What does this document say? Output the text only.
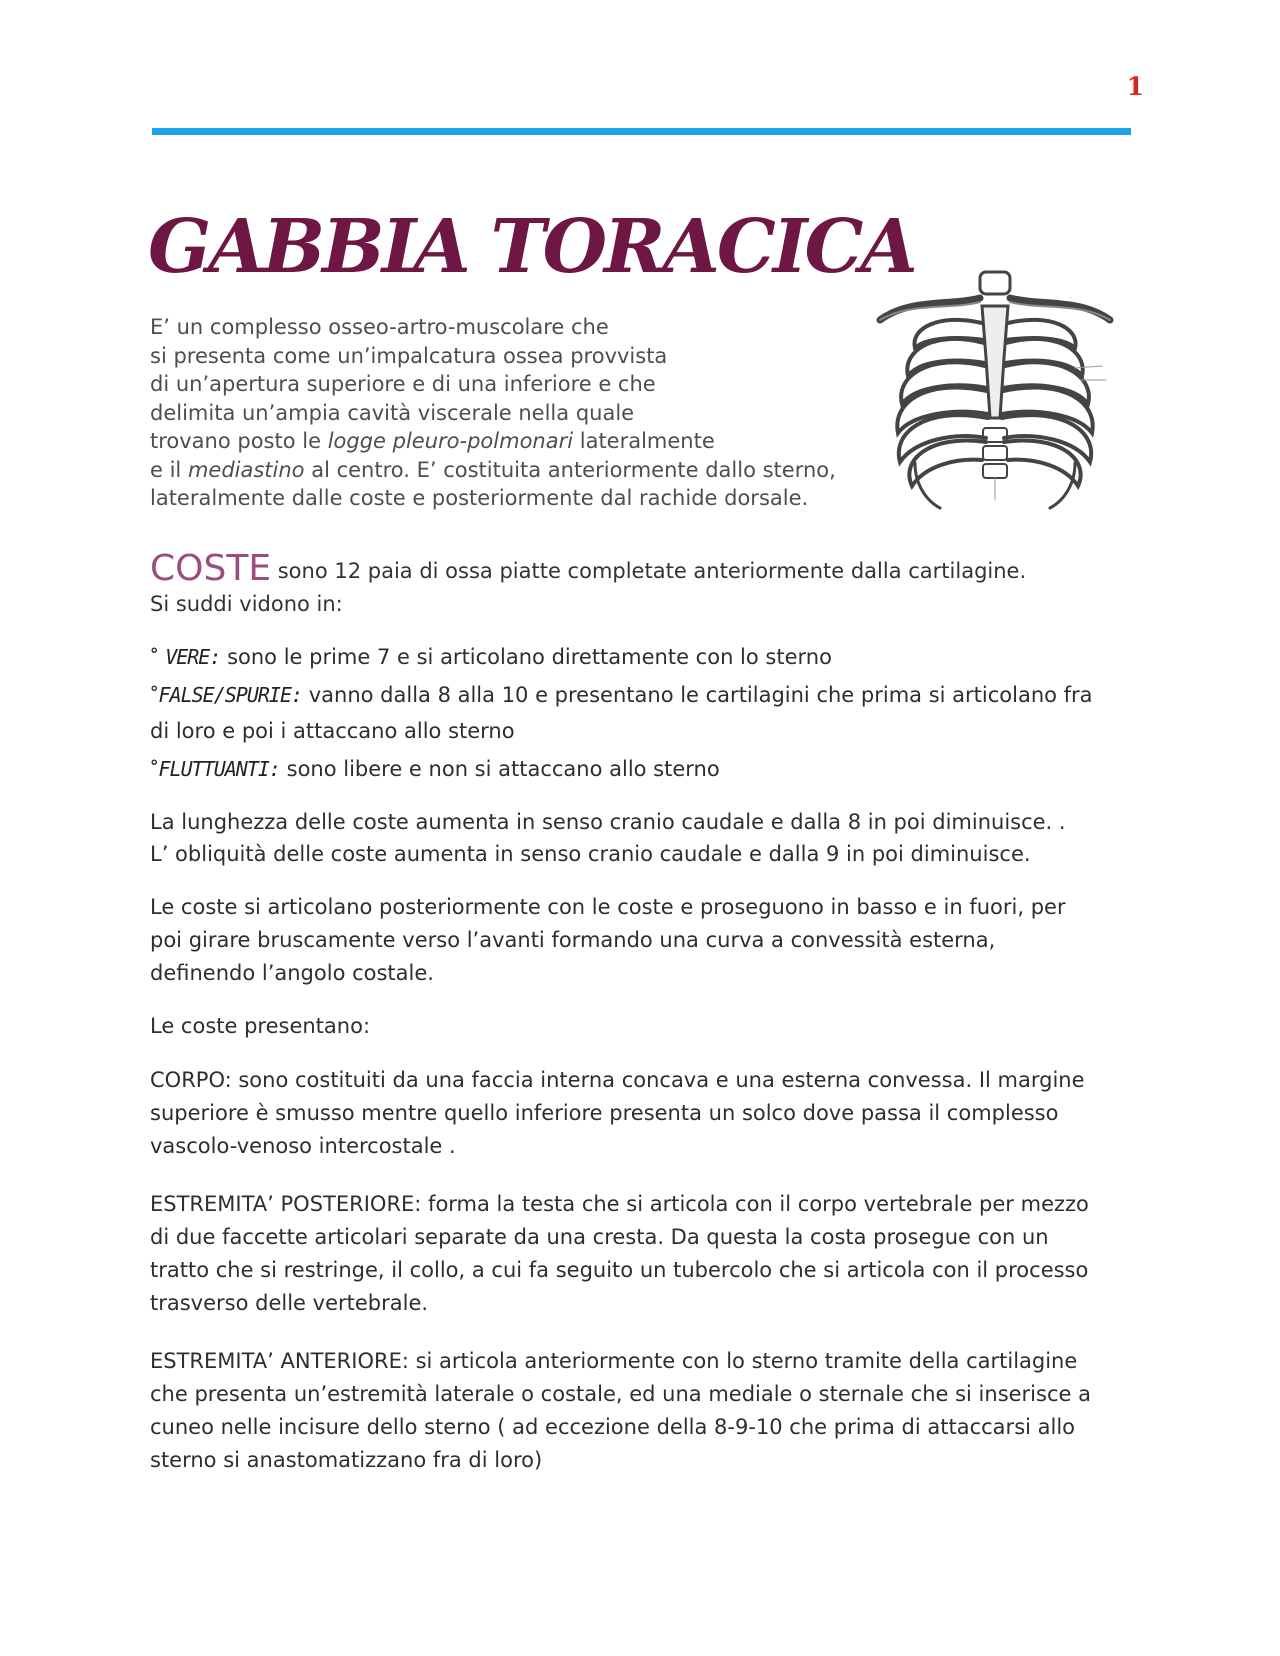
1
GABBIA TORACICA

E’ un complesso osseo-artro-muscolare che

si presenta come un’impalcatura ossea provvista

di un’apertura superiore e di una inferiore e che

delimita un’ampia cavità viscerale nella quale

trovano posto le logge pleuro-polmonari lateralmente

e il mediastino al centro. E’ costituita anteriormente dallo sterno,

lateralmente dalle coste e posteriormente dal rachide dorsale.

COSTE sono 12 paia di ossa piatte completate anteriormente dalla cartilagine.
Si suddi vidono in:

° VERE: sono le prime 7 e si articolano direttamente con lo sterno

°FALSE/SPURIE: vanno dalla 8 alla 10 e presentano le cartilagini che prima si articolano fra

di loro e poi i attaccano allo sterno

°FLUTTUANTI: sono libere e non si attaccano allo sterno

La lunghezza delle coste aumenta in senso cranio caudale e dalla 8 in poi diminuisce. .

L’ obliquità delle coste aumenta in senso cranio caudale e dalla 9 in poi diminuisce.

Le coste si articolano posteriormente con le coste e proseguono in basso e in fuori, per

poi girare bruscamente verso l’avanti formando una curva a convessità esterna,

definendo l’angolo costale.

Le coste presentano:

CORPO: sono costituiti da una faccia interna concava e una esterna convessa. Il margine

superiore è smusso mentre quello inferiore presenta un solco dove passa il complesso

vascolo-venoso intercostale .

ESTREMITA’ POSTERIORE: forma la testa che si articola con il corpo vertebrale per mezzo

di due faccette articolari separate da una cresta. Da questa la costa prosegue con un

tratto che si restringe, il collo, a cui fa seguito un tubercolo che si articola con il processo

trasverso delle vertebrale.

ESTREMITA’ ANTERIORE: si articola anteriormente con lo sterno tramite della cartilagine

che presenta un’estremità laterale o costale, ed una mediale o sternale che si inserisce a

cuneo nelle incisure dello sterno ( ad eccezione della 8-9-10 che prima di attaccarsi allo

sterno si anastomatizzano fra di loro)
